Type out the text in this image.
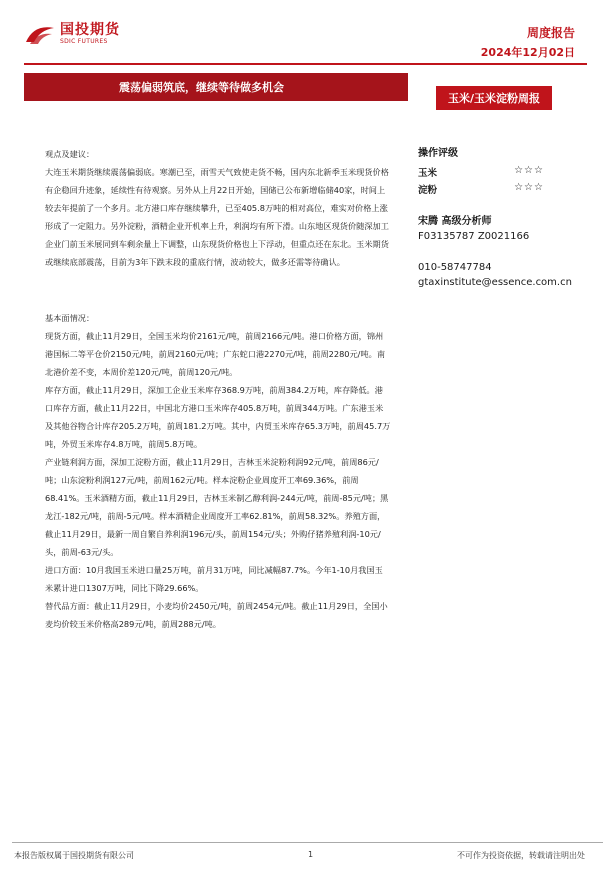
国投期货
SDIC FUTURES
周度报告
2024年12月02日
震荡偏弱筑底，继续等待做多机会
玉米/玉米淀粉周报

观点及建议：

大连玉米期货继续震荡偏弱底。寒潮已至，雨雪天气致使走货不畅，国内东北新季玉米现货价格有企稳回升迹象，延续性有待观察。另外从上月22日开始，国储已公布新增临储40家，时间上较去年提前了一个多月。北方港口库存继续攀升，已至405.8万吨的相对高位，难实对价格上涨形成了一定阻力。另外淀粉，酒精企业开机率上升，利润均有所下滑。山东地区现货价随深加工企业门前玉米展同到车剩余量上下调整，山东现货价格也上下浮动，但重点还在东北。玉米期货或继续底部震荡，目前为3年下跌末段的重底行情，波动较大，做多还需等待确认。

基本面情况：

现货方面，截止11月29日，全国玉米均价2161元/吨，前周2166元/吨。港口价格方面，锦州港国标二等平仓价2150元/吨，前周2160元/吨；广东蛇口港2270元/吨，前周2280元/吨。南北港价差不变，本周价差120元/吨，前周120元/吨。

库存方面，截止11月29日，深加工企业玉米库存368.9万吨，前周384.2万吨，库存降低。港口库存方面，截止11月22日，中国北方港口玉米库存405.8万吨，前周344万吨。广东港玉米及其他谷物合计库存205.2万吨，前周181.2万吨。其中，内贸玉米库存65.3万吨，前周45.7万吨，外贸玉米库存4.8万吨，前周5.8万吨。

产业链利润方面，深加工淀粉方面，截止11月29日，吉林玉米淀粉利润92元/吨，前周86元/吨；山东淀粉利润127元/吨，前周162元/吨。样本淀粉企业周度开工率69.36%，前周68.41%。玉米酒精方面，截止11月29日，吉林玉米制乙醇利润-244元/吨，前周-85元/吨；黑龙江-182元/吨，前周-5元/吨。样本酒精企业周度开工率62.81%，前周58.32%。养殖方面，截止11月29日，最新一周自繁自养利润196元/头，前周154元/头；外购仔猪养殖利润-10元/头，前周-63元/头。

进口方面：10月我国玉米进口量25万吨，前月31万吨，同比减幅87.7%。今年1-10月我国玉米累计进口1307万吨，同比下降29.66%。

替代品方面：截止11月29日，小麦均价2450元/吨，前周2454元/吨。截止11月29日，全国小麦均价较玉米价格高289元/吨，前周288元/吨。

操作评级
玉米	☆☆☆
淀粉	☆☆☆
宋腾 高级分析师
F03135787 Z0021166
010-58747784
gtaxinstitute@essence.com.cn
本报告版权属于国投期货有限公司	1	不可作为投资依据，转载请注明出处
